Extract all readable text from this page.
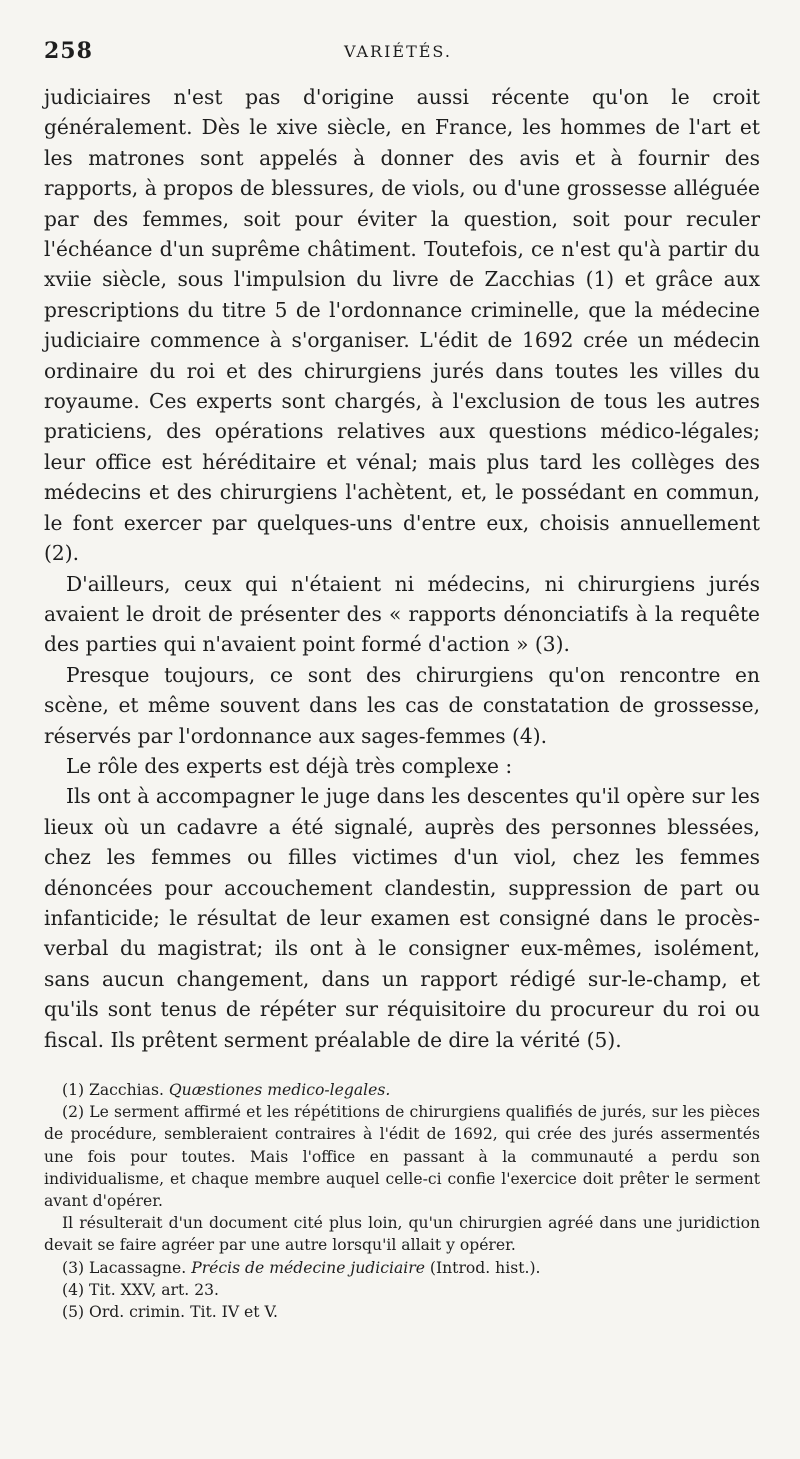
258	VARIÉTÉS.

judiciaires n'est pas d'origine aussi récente qu'on le croit généralement. Dès le xive siècle, en France, les hommes de l'art et les matrones sont appelés à donner des avis et à fournir des rapports, à propos de blessures, de viols, ou d'une grossesse alléguée par des femmes, soit pour éviter la question, soit pour reculer l'échéance d'un suprême châtiment. Toutefois, ce n'est qu'à partir du xviie siècle, sous l'impulsion du livre de Zacchias (1) et grâce aux prescriptions du titre 5 de l'ordonnance criminelle, que la médecine judiciaire commence à s'organiser. L'édit de 1692 crée un médecin ordinaire du roi et des chirurgiens jurés dans toutes les villes du royaume. Ces experts sont chargés, à l'exclusion de tous les autres praticiens, des opérations relatives aux questions médico-légales; leur office est héréditaire et vénal; mais plus tard les collèges des médecins et des chirurgiens l'achètent, et, le possédant en commun, le font exercer par quelques-uns d'entre eux, choisis annuellement (2).

D'ailleurs, ceux qui n'étaient ni médecins, ni chirurgiens jurés avaient le droit de présenter des « rapports dénonciatifs à la requête des parties qui n'avaient point formé d'action » (3).

Presque toujours, ce sont des chirurgiens qu'on rencontre en scène, et même souvent dans les cas de constatation de grossesse, réservés par l'ordonnance aux sages-femmes (4).

Le rôle des experts est déjà très complexe :

Ils ont à accompagner le juge dans les descentes qu'il opère sur les lieux où un cadavre a été signalé, auprès des personnes blessées, chez les femmes ou filles victimes d'un viol, chez les femmes dénoncées pour accouchement clandestin, suppression de part ou infanticide; le résultat de leur examen est consigné dans le procès-verbal du magistrat; ils ont à le consigner eux-mêmes, isolément, sans aucun changement, dans un rapport rédigé sur-le-champ, et qu'ils sont tenus de répéter sur réquisitoire du procureur du roi ou fiscal. Ils prêtent serment préalable de dire la vérité (5).

(1) Zacchias. Quæstiones medico-legales.

(2) Le serment affirmé et les répétitions de chirurgiens qualifiés de jurés, sur les pièces de procédure, sembleraient contraires à l'édit de 1692, qui crée des jurés assermentés une fois pour toutes. Mais l'office en passant à la communauté a perdu son individualisme, et chaque membre auquel celle-ci confie l'exercice doit prêter le serment avant d'opérer.

Il résulterait d'un document cité plus loin, qu'un chirurgien agréé dans une juridiction devait se faire agréer par une autre lorsqu'il allait y opérer.

(3) Lacassagne. Précis de médecine judiciaire (Introd. hist.).

(4) Tit. XXV, art. 23.

(5) Ord. crimin. Tit. IV et V.
